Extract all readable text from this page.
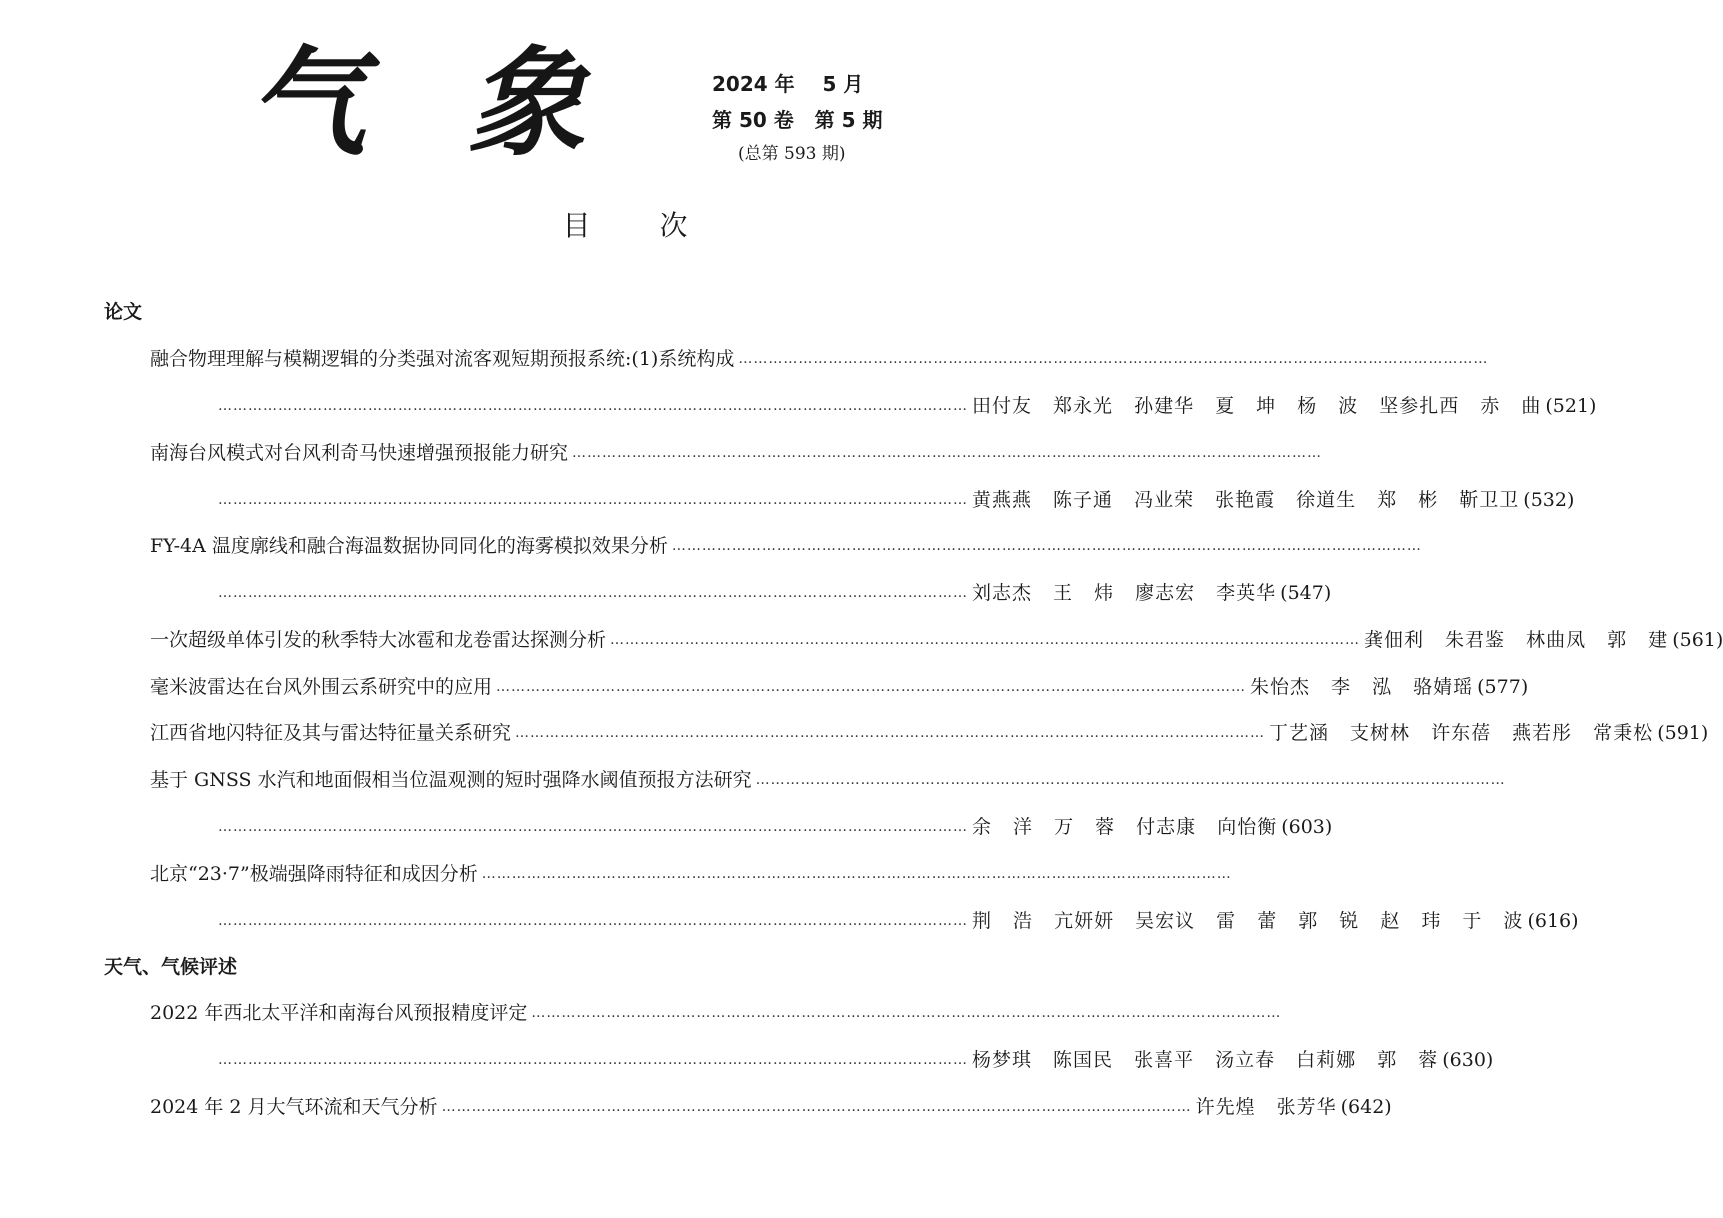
气 象	2024 年    5 月
第 50 卷   第 5 期
(总第 593 期)
目 次
论文
融合物理理解与模糊逻辑的分类强对流客观短期预报系统:(1)系统构成 ……………………………………………………………………………………………………………………………………
…………………………………………………………………………………………………………………………………… 田付友 郑永光 孙建华 夏 坤 杨 波 坚参扎西 赤 曲 (521)
南海台风模式对台风利奇马快速增强预报能力研究 ……………………………………………………………………………………………………………………………………
…………………………………………………………………………………………………………………………………… 黄燕燕 陈子通 冯业荣 张艳霞 徐道生 郑 彬 靳卫卫 (532)
FY-4A 温度廓线和融合海温数据协同同化的海雾模拟效果分析 ……………………………………………………………………………………………………………………………………
…………………………………………………………………………………………………………………………………… 刘志杰 王 炜 廖志宏 李英华 (547)
一次超级单体引发的秋季特大冰雹和龙卷雷达探测分析 …………………………………………………………………………………………………………………………………… 龚佃利 朱君鉴 林曲凤 郭 建 (561)
毫米波雷达在台风外围云系研究中的应用 …………………………………………………………………………………………………………………………………… 朱怡杰 李 泓 骆婧瑶 (577)
江西省地闪特征及其与雷达特征量关系研究 …………………………………………………………………………………………………………………………………… 丁艺涵 支树林 许东蓓 燕若彤 常秉松 (591)
基于 GNSS 水汽和地面假相当位温观测的短时强降水阈值预报方法研究 ……………………………………………………………………………………………………………………………………
…………………………………………………………………………………………………………………………………… 余 洋 万 蓉 付志康 向怡衡 (603)
北京“23·7”极端强降雨特征和成因分析 ……………………………………………………………………………………………………………………………………
…………………………………………………………………………………………………………………………………… 荆 浩 亢妍妍 吴宏议 雷 蕾 郭 锐 赵 玮 于 波 (616)
天气、气候评述
2022 年西北太平洋和南海台风预报精度评定 ……………………………………………………………………………………………………………………………………
…………………………………………………………………………………………………………………………………… 杨梦琪 陈国民 张喜平 汤立春 白莉娜 郭 蓉 (630)
2024 年 2 月大气环流和天气分析 …………………………………………………………………………………………………………………………………… 许先煌 张芳华 (642)
